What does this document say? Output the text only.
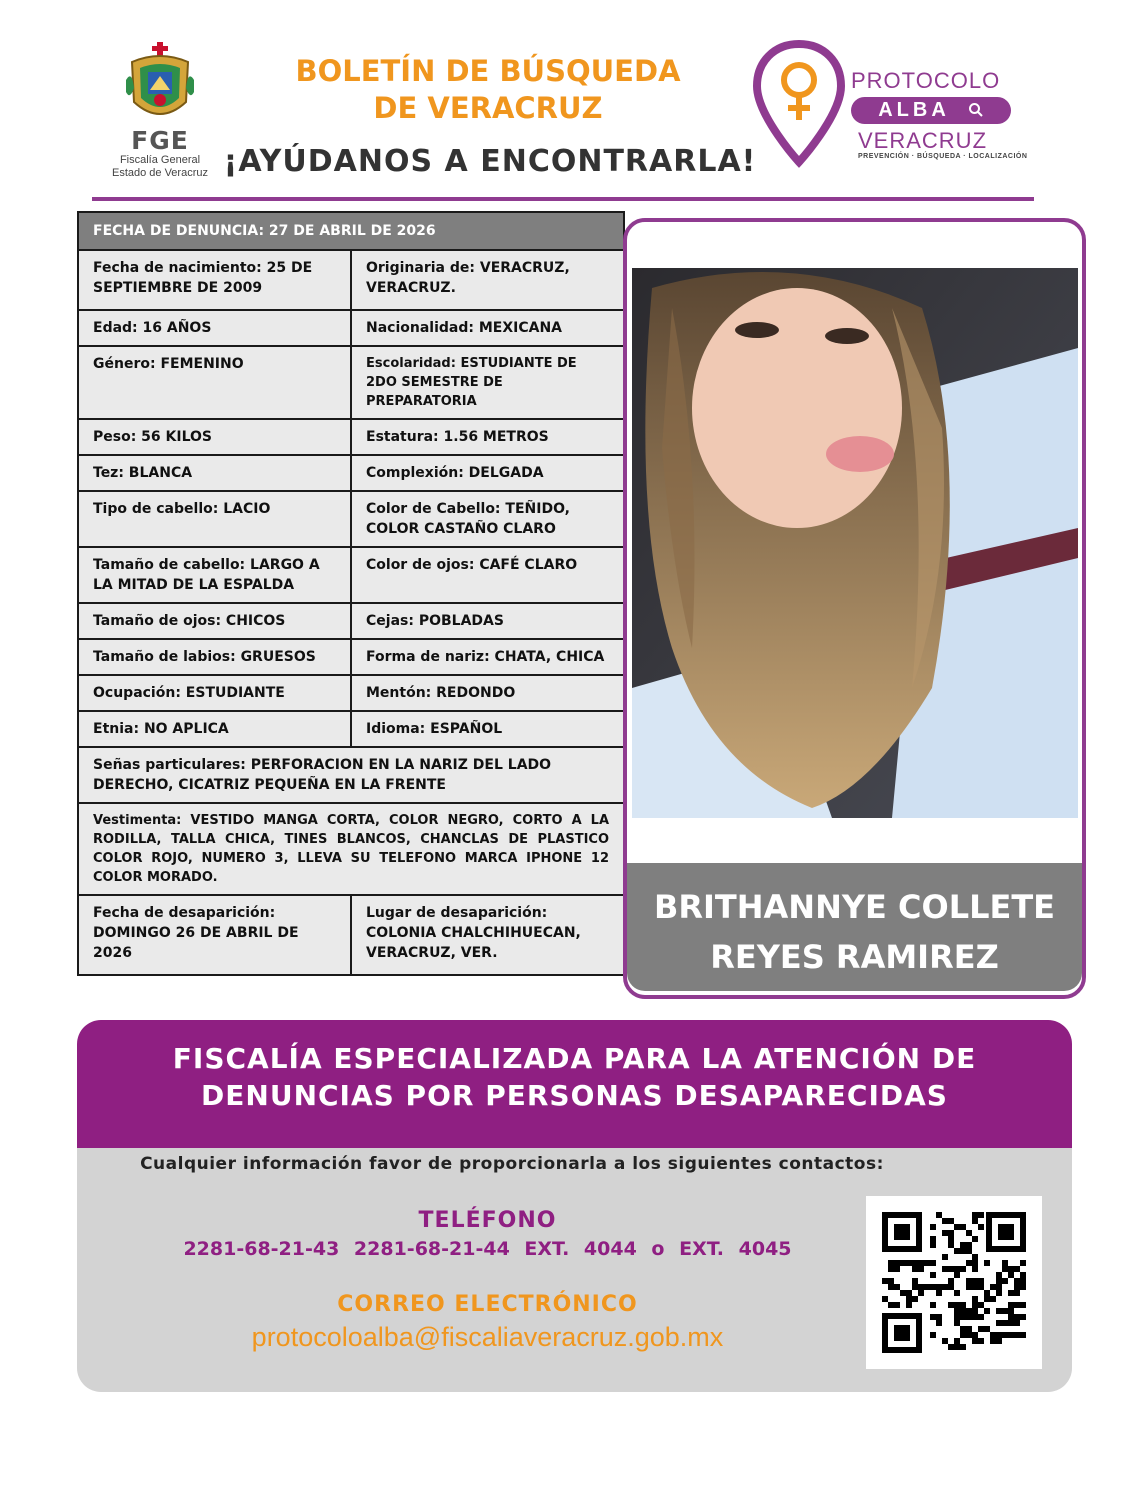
FGE
Fiscalía General
Estado de Veracruz
BOLETÍN DE BÚSQUEDA
DE VERACRUZ
¡AYÚDANOS A ENCONTRARLA!
PROTOCOLO
ALBA
VERACRUZ
PREVENCIÓN · BÚSQUEDA · LOCALIZACIÓN
FECHA DE DENUNCIA: 27 DE ABRIL DE 2026	
Fecha de nacimiento: 25 DE SEPTIEMBRE DE 2009	Originaria de: VERACRUZ, VERACRUZ.
Edad: 16 AÑOS	Nacionalidad: MEXICANA
Género: FEMENINO	Escolaridad: ESTUDIANTE DE 2DO SEMESTRE DE PREPARATORIA
Peso: 56 KILOS	Estatura: 1.56 METROS
Tez: BLANCA	Complexión: DELGADA
Tipo de cabello: LACIO	Color de Cabello: TEÑIDO, COLOR CASTAÑO CLARO
Tamaño de cabello: LARGO A LA MITAD DE LA ESPALDA	Color de ojos: CAFÉ CLARO
Tamaño de ojos: CHICOS	Cejas: POBLADAS
Tamaño de labios: GRUESOS	Forma de nariz: CHATA, CHICA
Ocupación: ESTUDIANTE	Mentón: REDONDO
Etnia: NO APLICA	Idioma: ESPAÑOL
Señas particulares: PERFORACION EN LA NARIZ DEL LADO DERECHO, CICATRIZ PEQUEÑA EN LA FRENTE	
Vestimenta: VESTIDO MANGA CORTA, COLOR NEGRO, CORTO A LA RODILLA, TALLA CHICA, TINES BLANCOS, CHANCLAS DE PLASTICO COLOR ROJO, NUMERO 3, LLEVA SU TELEFONO MARCA IPHONE 12 COLOR MORADO.	
Fecha de desaparición: DOMINGO 26 DE ABRIL DE 2026	Lugar de desaparición: COLONIA CHALCHIHUECAN, VERACRUZ, VER.
BRITHANNYE COLLETE
REYES RAMIREZ
FISCALÍA ESPECIALIZADA PARA LA ATENCIÓN DE
DENUNCIAS POR PERSONAS DESAPARECIDAS
Cualquier información favor de proporcionarla a los siguientes contactos:
TELÉFONO
2281-68-21-43 2281-68-21-44 EXT. 4044 o EXT. 4045
CORREO ELECTRÓNICO
protocoloalba@fiscaliaveracruz.gob.mx
